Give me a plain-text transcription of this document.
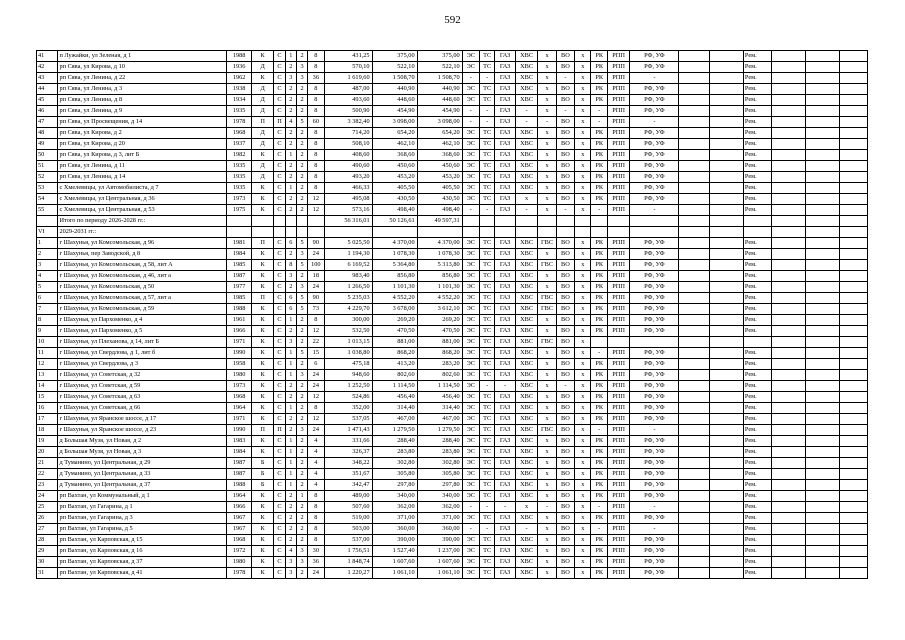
592
41	п Лужайки, ул Зеленая, д 1	1988	К	С	1	2	8	431,25	375,00	375,00	ЭС	ТС	ГАЗ	ХВС	х	ВО	х	РК	РПП	РФ, УФ			Рем.			
42	рп Сява, ул Кирова, д 10	1936	Д	С	2	3	8	570,10	522,10	522,10	ЭС	ТС	ГАЗ	ХВС	х	ВО	х	РК	РПП	РФ, УФ			Рем.			
43	рп Сява, ул Ленина, д 22	1962	К	С	3	3	36	1 619,60	1 508,70	1 508,70	-	-	ГАЗ	ХВС	х	-	х	РК	РПП	-			Рем.			
44	рп Сява, ул Ленина, д 3	1938	Д	С	2	2	8	487,00	440,90	440,90	ЭС	ТС	ГАЗ	ХВС	х	ВО	х	РК	РПП	РФ, УФ			Рем.			
45	рп Сява, ул Ленина, д 8	1934	Д	С	2	2	8	493,60	448,60	448,60	ЭС	ТС	ГАЗ	ХВС	х	ВО	х	РК	РПП	РФ, УФ			Рем.			
46	рп Сява, ул Ленина, д 9	1935	Д	С	2	2	8	500,90	454,90	454,90	-	-	ГАЗ	-	х	-	х	-	РПП	РФ, УФ			Рем.			
47	рп Сява, ул Просвещения, д 14	1978	П	П	4	5	60	3 382,40	3 098,00	3 098,00	-	-	ГАЗ	-	-	ВО	х	-	РПП	-			Рем.			
48	рп Сява, ул Кирова, д 2	1968	Д	С	2	2	8	714,20	654,20	654,20	ЭС	ТС	ГАЗ	ХВС	х	ВО	х	РК	РПП	РФ, УФ			Рем.			
49	рп Сява, ул Кирова, д 20	1937	Д	С	2	2	8	508,10	462,10	462,10	ЭС	ТС	ГАЗ	ХВС	х	ВО	х	РК	РПП	РФ, УФ			Рем.			
50	рп Сява, ул Кирова, д 3, лит Б	1982	К	С	1	2	8	408,60	368,60	368,60	ЭС	ТС	ГАЗ	ХВС	х	ВО	х	РК	РПП	РФ, УФ			Рем.			
51	рп Сява, ул Ленина, д 11	1935	Д	С	2	2	8	490,60	450,60	450,60	ЭС	ТС	ГАЗ	ХВС	х	ВО	х	РК	РПП	РФ, УФ			Рем.			
52	рп Сява, ул Ленина, д 14	1935	Д	С	2	2	8	493,20	453,20	453,20	ЭС	ТС	ГАЗ	ХВС	х	ВО	х	РК	РПП	РФ, УФ			Рем.			
53	с Хмелевицы, ул Автомобилиста, д 7	1935	К	С	1	2	8	466,33	405,50	405,50	ЭС	ТС	ГАЗ	ХВС	х	ВО	х	РК	РПП	РФ, УФ			Рем.			
54	с Хмелевицы, ул Центральная, д 36	1973	К	С	2	2	12	495,08	430,50	430,50	ЭС	ТС	ГАЗ	х	х	ВО	х	РК	РПП	РФ, УФ			Рем.			
55	с Хмелевицы, ул Центральная, д 53	1975	К	С	2	2	12	573,16	498,40	498,40	-	-	ГАЗ	-	х	-	х	-	РПП	-			Рем.			
	Итого по периоду 2026-2028 гг.:							56 316,01	50 126,61	49 597,31																
VI	2029-2031 гг.:																									
1	г Шахунья, ул Комсомольская, д 96	1981	П	С	6	5	90	5 025,50	4 370,00	4 370,00	ЭС	ТС	ГАЗ	ХВС	ГВС	ВО	х	РК	РПП	РФ, УФ			Рем.			
2	г Шахунья, пер Заводской, д 8	1984	К	С	2	3	24	1 194,30	1 078,30	1 078,30	ЭС	ТС	ГАЗ	ХВС	х	ВО	х	РК	РПП	РФ, УФ			Рем.			
3	г Шахунья, ул Комсомольская, д 58, лит А	1985	К	С	8	5	100	6 169,52	5 364,80	5 313,80	ЭС	ТС	ГАЗ	ХВС	ГВС	ВО	х	РК	РПП	РФ, УФ			Рем.			
4	г Шахунья, ул Комсомольская, д 46, лит а	1987	К	С	3	2	18	983,40	856,80	856,80	ЭС	ТС	ГАЗ	ХВС	х	ВО	х	РК	РПП	РФ, УФ			Рем.			
5	г Шахунья, ул Комсомольская, д 50	1977	К	С	2	3	24	1 266,50	1 101,30	1 101,30	ЭС	ТС	ГАЗ	ХВС	х	ВО	х	РК	РПП	РФ, УФ			Рем.			
6	г Шахунья, ул Комсомольская, д 57, лит а	1985	П	С	6	5	90	5 235,03	4 552,20	4 552,20	ЭС	ТС	ГАЗ	ХВС	ГВС	ВО	х	РК	РПП	РФ, УФ			Рем.			
7	г Шахунья, ул Комсомольская, д 59	1988	К	С	6	5	73	4 229,70	3 678,00	3 612,10	ЭС	ТС	ГАЗ	ХВС	ГВС	ВО	х	РК	РПП	РФ, УФ			Рем.			
8	г Шахунья, ул Пархоменко, д 4	1961	К	С	1	2	8	300,00	269,20	269,20	ЭС	ТС	ГАЗ	ХВС	х	ВО	х	РК	РПП	РФ, УФ			Рем.			
9	г Шахунья, ул Пархоменко, д 5	1966	К	С	2	2	12	532,50	470,50	470,50	ЭС	ТС	ГАЗ	ХВС	х	ВО	х	РК	РПП	РФ, УФ			Рем.			
10	г Шахунья, ул Плеханова, д 14, лит Б	1971	К	С	3	2	22	1 013,15	881,00	881,00	ЭС	ТС	ГАЗ	ХВС	ГВС	ВО	х									
11	г Шахунья, ул Свердлова, д 1, лит б	1990	К	С	1	5	15	1 038,80	868,20	868,20	ЭС	ТС	ГАЗ	ХВС	х	ВО	х	-	РПП	РФ, УФ			Рем.			
12	г Шахунья, ул Свердлова, д 3	1958	К	С	1	2	6	475,18	413,20	283,20	ЭС	ТС	ГАЗ	ХВС	х	ВО	х	РК	РПП	РФ, УФ			Рем.			
13	г Шахунья, ул Советская, д 32	1980	К	С	1	3	24	948,60	802,60	802,60	ЭС	ТС	ГАЗ	ХВС	х	ВО	х	РК	РПП	РФ, УФ			Рем.			
14	г Шахунья, ул Советская, д 59	1973	К	С	2	2	24	1 252,50	1 114,50	1 114,50	ЭС	-	-	ХВС	х	-	х	РК	РПП	РФ, УФ			Рем.			
15	г Шахунья, ул Советская, д 63	1968	К	С	2	2	12	524,86	456,40	456,40	ЭС	ТС	ГАЗ	ХВС	х	ВО	х	РК	РПП	РФ, УФ			Рем.			
16	г Шахунья, ул Советская, д 66	1964	К	С	1	2	8	352,00	314,40	314,40	ЭС	ТС	ГАЗ	ХВС	х	ВО	х	РК	РПП	РФ, УФ			Рем.			
17	г Шахунья, ул Яранское шоссе, д 17	1971	К	С	2	2	12	537,05	467,00	467,00	ЭС	ТС	ГАЗ	ХВС	х	ВО	х	РК	РПП	РФ, УФ			Рем.			
18	г Шахунья, ул Яранское шоссе, д 23	1990	П	П	2	3	24	1 471,43	1 279,50	1 279,50	ЭС	ТС	ГАЗ	ХВС	ГВС	ВО	х	-	РПП	-			Рем.			
19	д Большая Музя, ул Новая, д 2	1983	К	С	1	2	4	331,66	288,40	288,40	ЭС	ТС	ГАЗ	ХВС	х	ВО	х	РК	РПП	РФ, УФ			Рем.			
20	д Большая Музя, ул Новая, д 3	1984	К	С	1	2	4	326,37	283,80	283,80	ЭС	ТС	ГАЗ	ХВС	х	ВО	х	РК	РПП	РФ, УФ			Рем.			
21	д Туманино, ул Центральная, д 29	1987	Б	С	1	2	4	348,22	302,80	302,80	ЭС	ТС	ГАЗ	ХВС	х	ВО	х	РК	РПП	РФ, УФ			Рем.			
22	д Туманино, ул Центральная, д 33	1987	Б	С	1	2	4	351,67	305,80	305,80	ЭС	ТС	ГАЗ	ХВС	х	ВО	х	РК	РПП	РФ, УФ			Рем.			
23	д Туманино, ул Центральная, д 37	1988	Б	С	1	2	4	342,47	297,80	297,80	ЭС	ТС	ГАЗ	ХВС	х	ВО	х	РК	РПП	РФ, УФ			Рем.			
24	рп Вахтан, ул Коммунальный, д 1	1964	К	С	2	1	8	489,00	340,00	340,00	ЭС	ТС	ГАЗ	ХВС	х	ВО	х	РК	РПП	РФ, УФ			Рем.			
25	рп Вахтан, ул Гагарина, д 1	1966	К	С	2	2	8	507,60	362,00	362,00	-	-	-	х	-	ВО	х	-	РПП	-			Рем.			
26	рп Вахтан, ул Гагарина, д 3	1967	К	С	2	2	8	519,00	371,00	371,00	ЭС	ТС	ГАЗ	ХВС	х	ВО	х	РК	РПП	РФ, УФ			Рем.			
27	рп Вахтан, ул Гагарина, д 5	1967	К	С	2	2	8	503,00	360,00	360,00	-	-	ГАЗ	-	х	ВО	х	-	РПП	-			Рем.			
28	рп Вахтан, ул Карповская, д 15	1968	К	С	2	2	8	537,00	390,00	390,00	ЭС	ТС	ГАЗ	ХВС	х	ВО	х	РК	РПП	РФ, УФ			Рем.			
29	рп Вахтан, ул Карповская, д 16	1972	К	С	4	3	30	1 756,51	1 527,40	1 237,00	ЭС	ТС	ГАЗ	ХВС	х	ВО	х	РК	РПП	РФ, УФ			Рем.			
30	рп Вахтан, ул Карповская, д 37	1980	К	С	3	3	36	1 848,74	1 607,60	1 607,60	ЭС	ТС	ГАЗ	ХВС	х	ВО	х	РК	РПП	РФ, УФ			Рем.			
31	рп Вахтан, ул Карповская, д 41	1978	К	С	3	2	24	1 220,27	1 061,10	1 061,10	ЭС	ТС	ГАЗ	ХВС	х	ВО	х	РК	РПП	РФ, УФ			Рем.			
